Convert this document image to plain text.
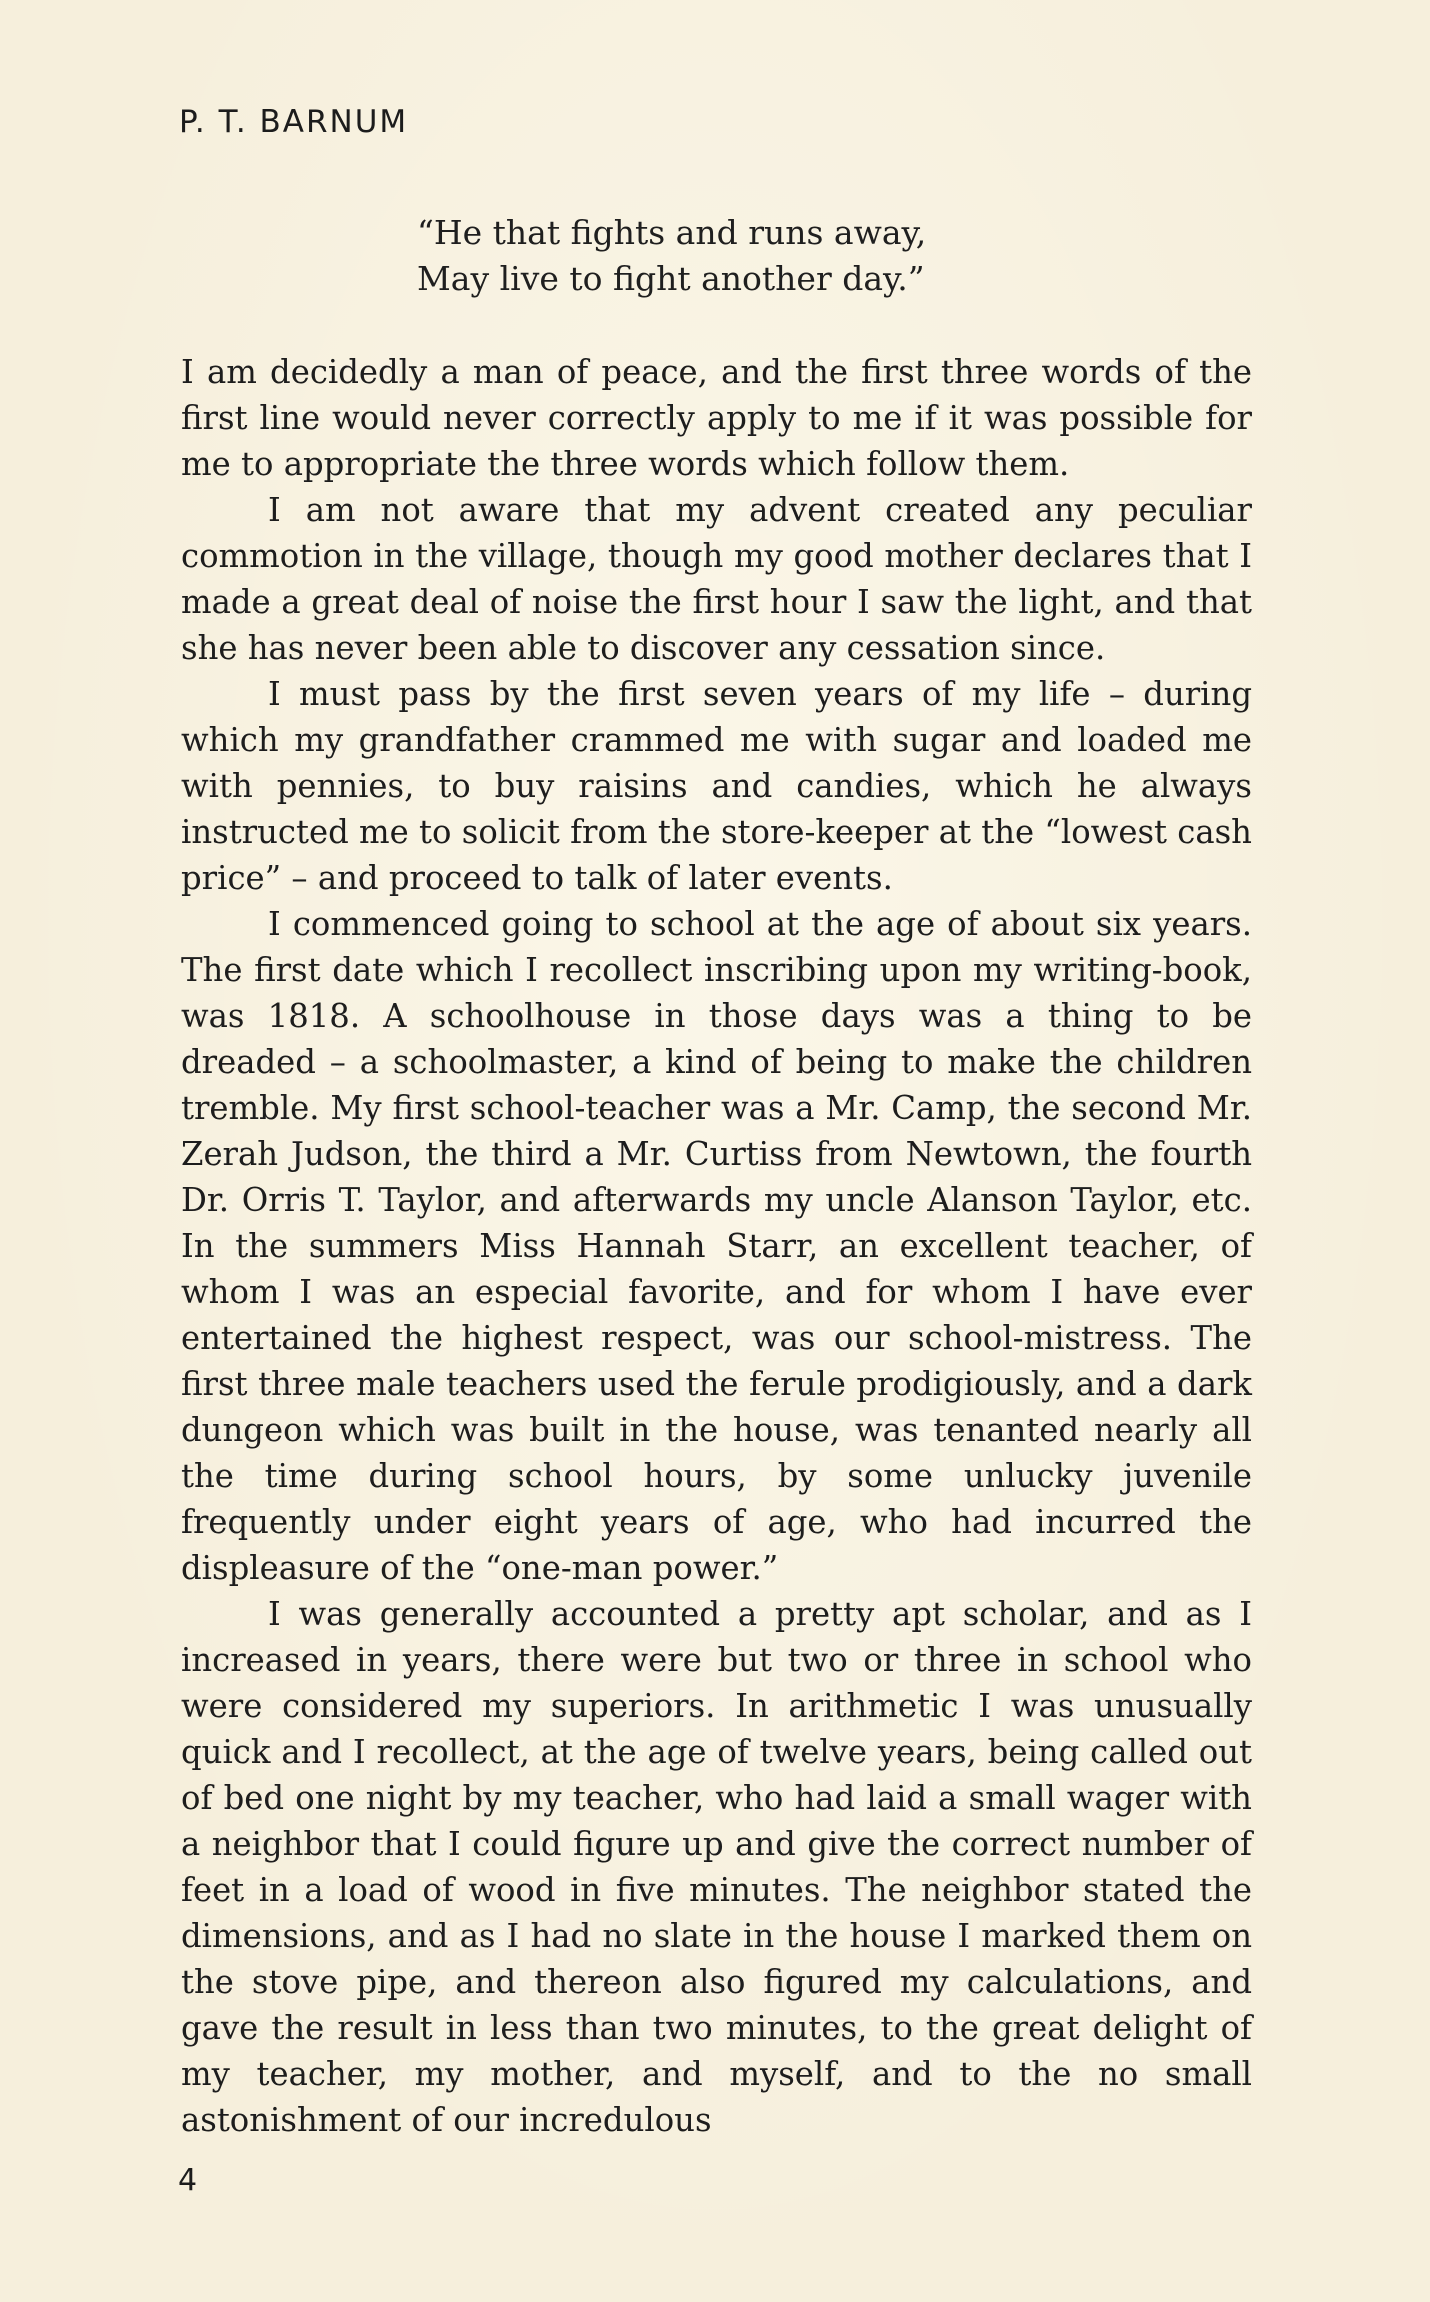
P. T. BARNUM
“He that fights and runs away,
May live to fight another day.”

I am decidedly a man of peace, and the first three words of the first line would never correctly apply to me if it was possible for me to appropriate the three words which follow them.

I am not aware that my advent created any peculiar commotion in the village, though my good mother declares that I made a great deal of noise the first hour I saw the light, and that she has never been able to discover any cessation since.

I must pass by the first seven years of my life – during which my grandfather crammed me with sugar and loaded me with pennies, to buy raisins and candies, which he always instructed me to solicit from the store-keeper at the “lowest cash price” – and proceed to talk of later events.

I commenced going to school at the age of about six years. The first date which I recollect inscribing upon my writing-book, was 1818. A schoolhouse in those days was a thing to be dreaded – a schoolmaster, a kind of being to make the children tremble. My first school-teacher was a Mr. Camp, the second Mr. Zerah Judson, the third a Mr. Curtiss from Newtown, the fourth Dr. Orris T. Taylor, and afterwards my uncle Alanson Taylor, etc. In the summers Miss Hannah Starr, an excellent teacher, of whom I was an especial favorite, and for whom I have ever entertained the highest respect, was our school-mistress. The first three male teachers used the ferule prodigiously, and a dark dungeon which was built in the house, was tenanted nearly all the time during school hours, by some unlucky juvenile frequently under eight years of age, who had incurred the displeasure of the “one-man power.”

I was generally accounted a pretty apt scholar, and as I increased in years, there were but two or three in school who were considered my superiors. In arithmetic I was unusually quick and I recollect, at the age of twelve years, being called out of bed one night by my teacher, who had laid a small wager with a neighbor that I could figure up and give the correct number of feet in a load of wood in five minutes. The neighbor stated the dimensions, and as I had no slate in the house I marked them on the stove pipe, and thereon also figured my calculations, and gave the result in less than two minutes, to the great delight of my teacher, my mother, and myself, and to the no small astonishment of our incredulous

4
